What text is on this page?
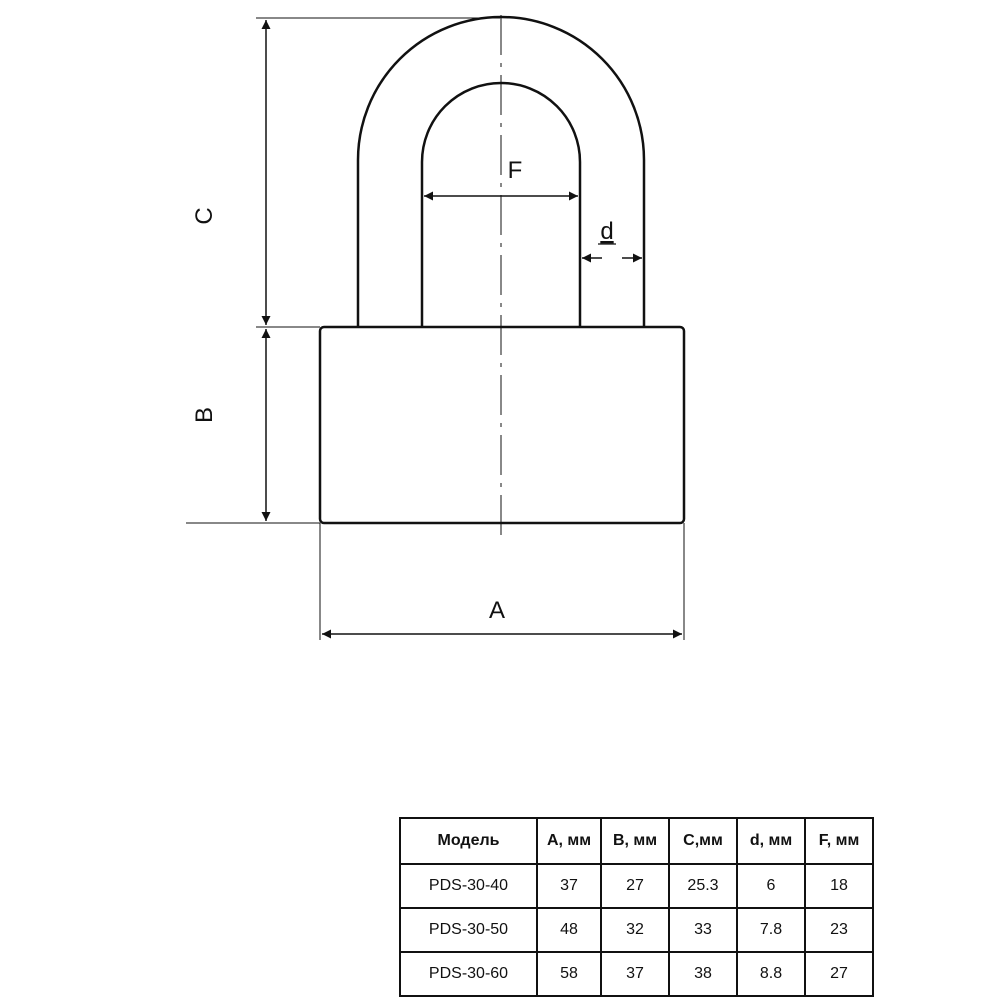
C
B
A
F
d
Модель	A, мм	B, мм	C,мм	d, мм	F, мм
PDS-30-40	37	27	25.3	6	18
PDS-30-50	48	32	33	7.8	23
PDS-30-60	58	37	38	8.8	27
